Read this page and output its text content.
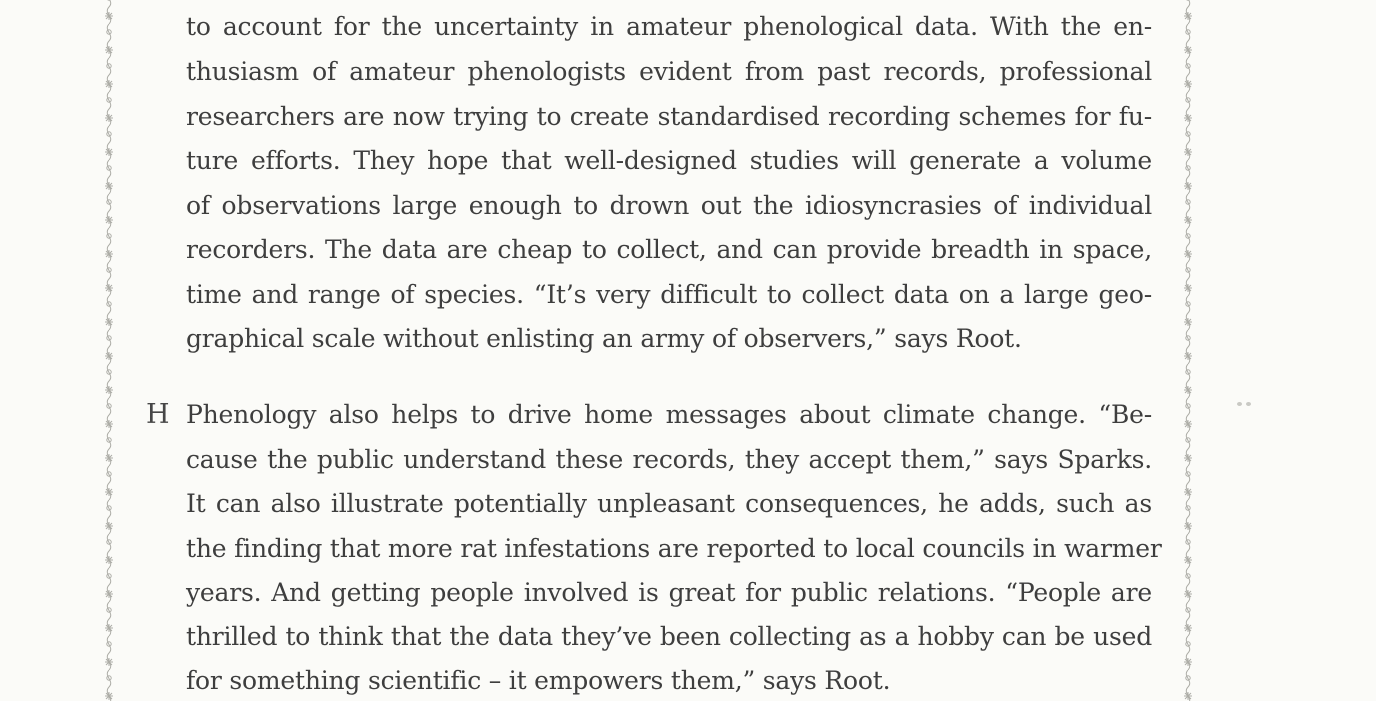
to account for the uncertainty in amateur phenological data. With the en-
thusiasm of amateur phenologists evident from past records, professional
researchers are now trying to create standardised recording schemes for fu-
ture efforts. They hope that well-designed studies will generate a volume
of observations large enough to drown out the idiosyncrasies of individual
recorders. The data are cheap to collect, and can provide breadth in space,
time and range of species. “It’s very difficult to collect data on a large geo-
graphical scale without enlisting an army of observers,” says Root.
H Phenology also helps to drive home messages about climate change. “Be-
cause the public understand these records, they accept them,” says Sparks.
It can also illustrate potentially unpleasant consequences, he adds, such as
the finding that more rat infestations are reported to local councils in warmer
years. And getting people involved is great for public relations. “People are
thrilled to think that the data they’ve been collecting as a hobby can be used
for something scientific – it empowers them,” says Root.
